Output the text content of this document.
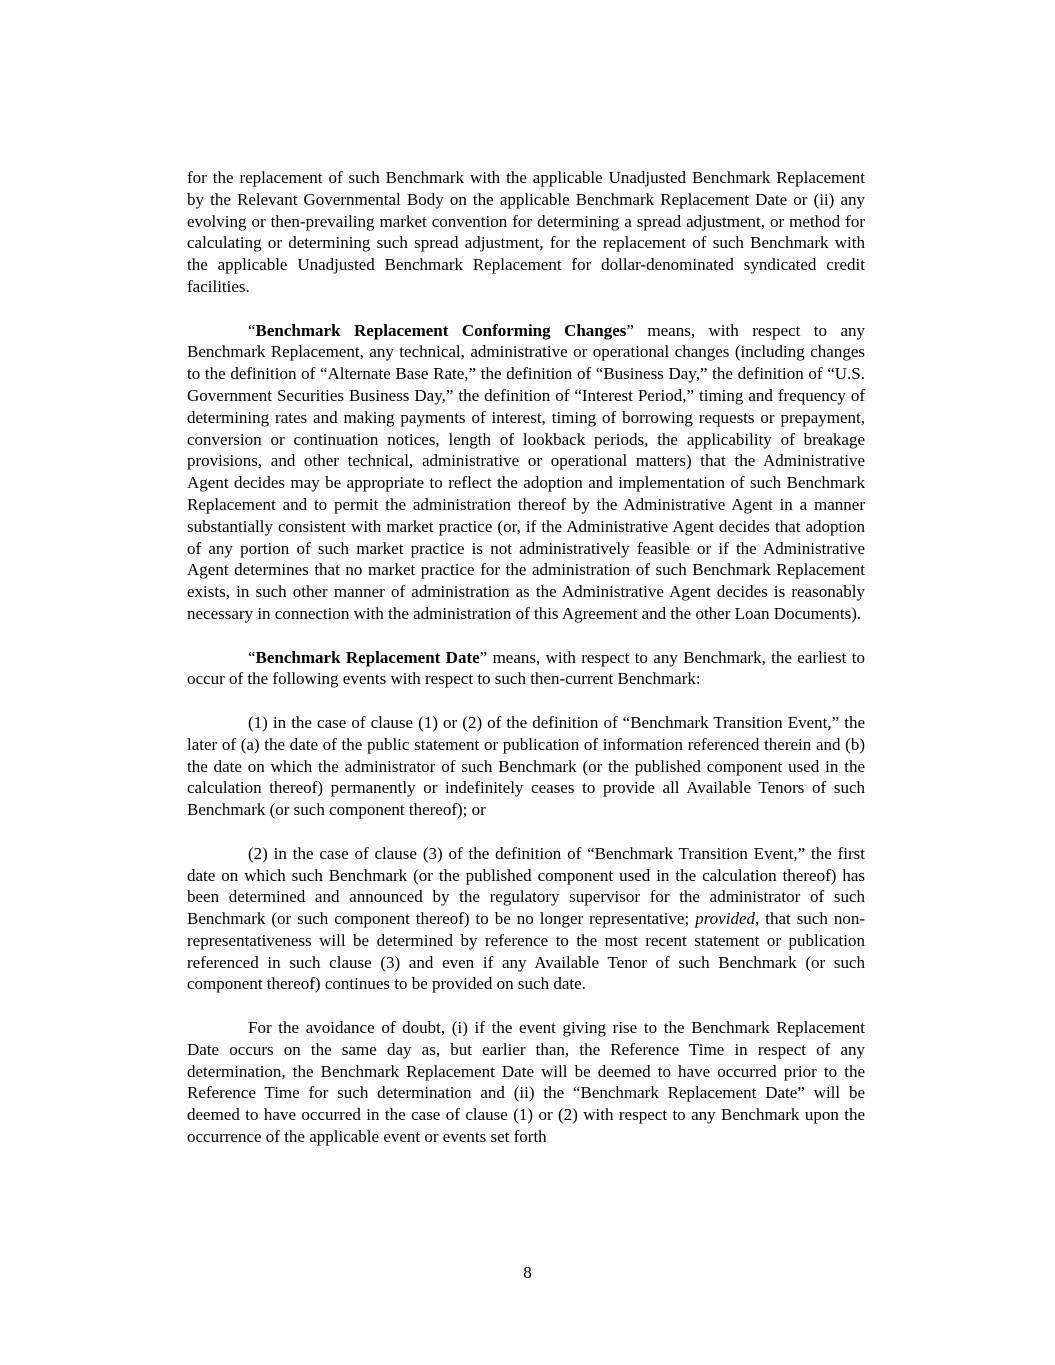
for the replacement of such Benchmark with the applicable Unadjusted Benchmark Replacement by the Relevant Governmental Body on the applicable Benchmark Replacement Date or (ii) any evolving or then-prevailing market convention for determining a spread adjustment, or method for calculating or determining such spread adjustment, for the replacement of such Benchmark with the applicable Unadjusted Benchmark Replacement for dollar-denominated syndicated credit facilities.

“Benchmark Replacement Conforming Changes” means, with respect to any Benchmark Replacement, any technical, administrative or operational changes (including changes to the definition of “Alternate Base Rate,” the definition of “Business Day,” the definition of “U.S. Government Securities Business Day,” the definition of “Interest Period,” timing and frequency of determining rates and making payments of interest, timing of borrowing requests or prepayment, conversion or continuation notices, length of lookback periods, the applicability of breakage provisions, and other technical, administrative or operational matters) that the Administrative Agent decides may be appropriate to reflect the adoption and implementation of such Benchmark Replacement and to permit the administration thereof by the Administrative Agent in a manner substantially consistent with market practice (or, if the Administrative Agent decides that adoption of any portion of such market practice is not administratively feasible or if the Administrative Agent determines that no market practice for the administration of such Benchmark Replacement exists, in such other manner of administration as the Administrative Agent decides is reasonably necessary in connection with the administration of this Agreement and the other Loan Documents).

“Benchmark Replacement Date” means, with respect to any Benchmark, the earliest to occur of the following events with respect to such then-current Benchmark:

(1) in the case of clause (1) or (2) of the definition of “Benchmark Transition Event,” the later of (a) the date of the public statement or publication of information referenced therein and (b) the date on which the administrator of such Benchmark (or the published component used in the calculation thereof) permanently or indefinitely ceases to provide all Available Tenors of such Benchmark (or such component thereof); or

(2) in the case of clause (3) of the definition of “Benchmark Transition Event,” the first date on which such Benchmark (or the published component used in the calculation thereof) has been determined and announced by the regulatory supervisor for the administrator of such Benchmark (or such component thereof) to be no longer representative; provided, that such non-representativeness will be determined by reference to the most recent statement or publication referenced in such clause (3) and even if any Available Tenor of such Benchmark (or such component thereof) continues to be provided on such date.

For the avoidance of doubt, (i) if the event giving rise to the Benchmark Replacement Date occurs on the same day as, but earlier than, the Reference Time in respect of any determination, the Benchmark Replacement Date will be deemed to have occurred prior to the Reference Time for such determination and (ii) the “Benchmark Replacement Date” will be deemed to have occurred in the case of clause (1) or (2) with respect to any Benchmark upon the occurrence of the applicable event or events set forth

8
